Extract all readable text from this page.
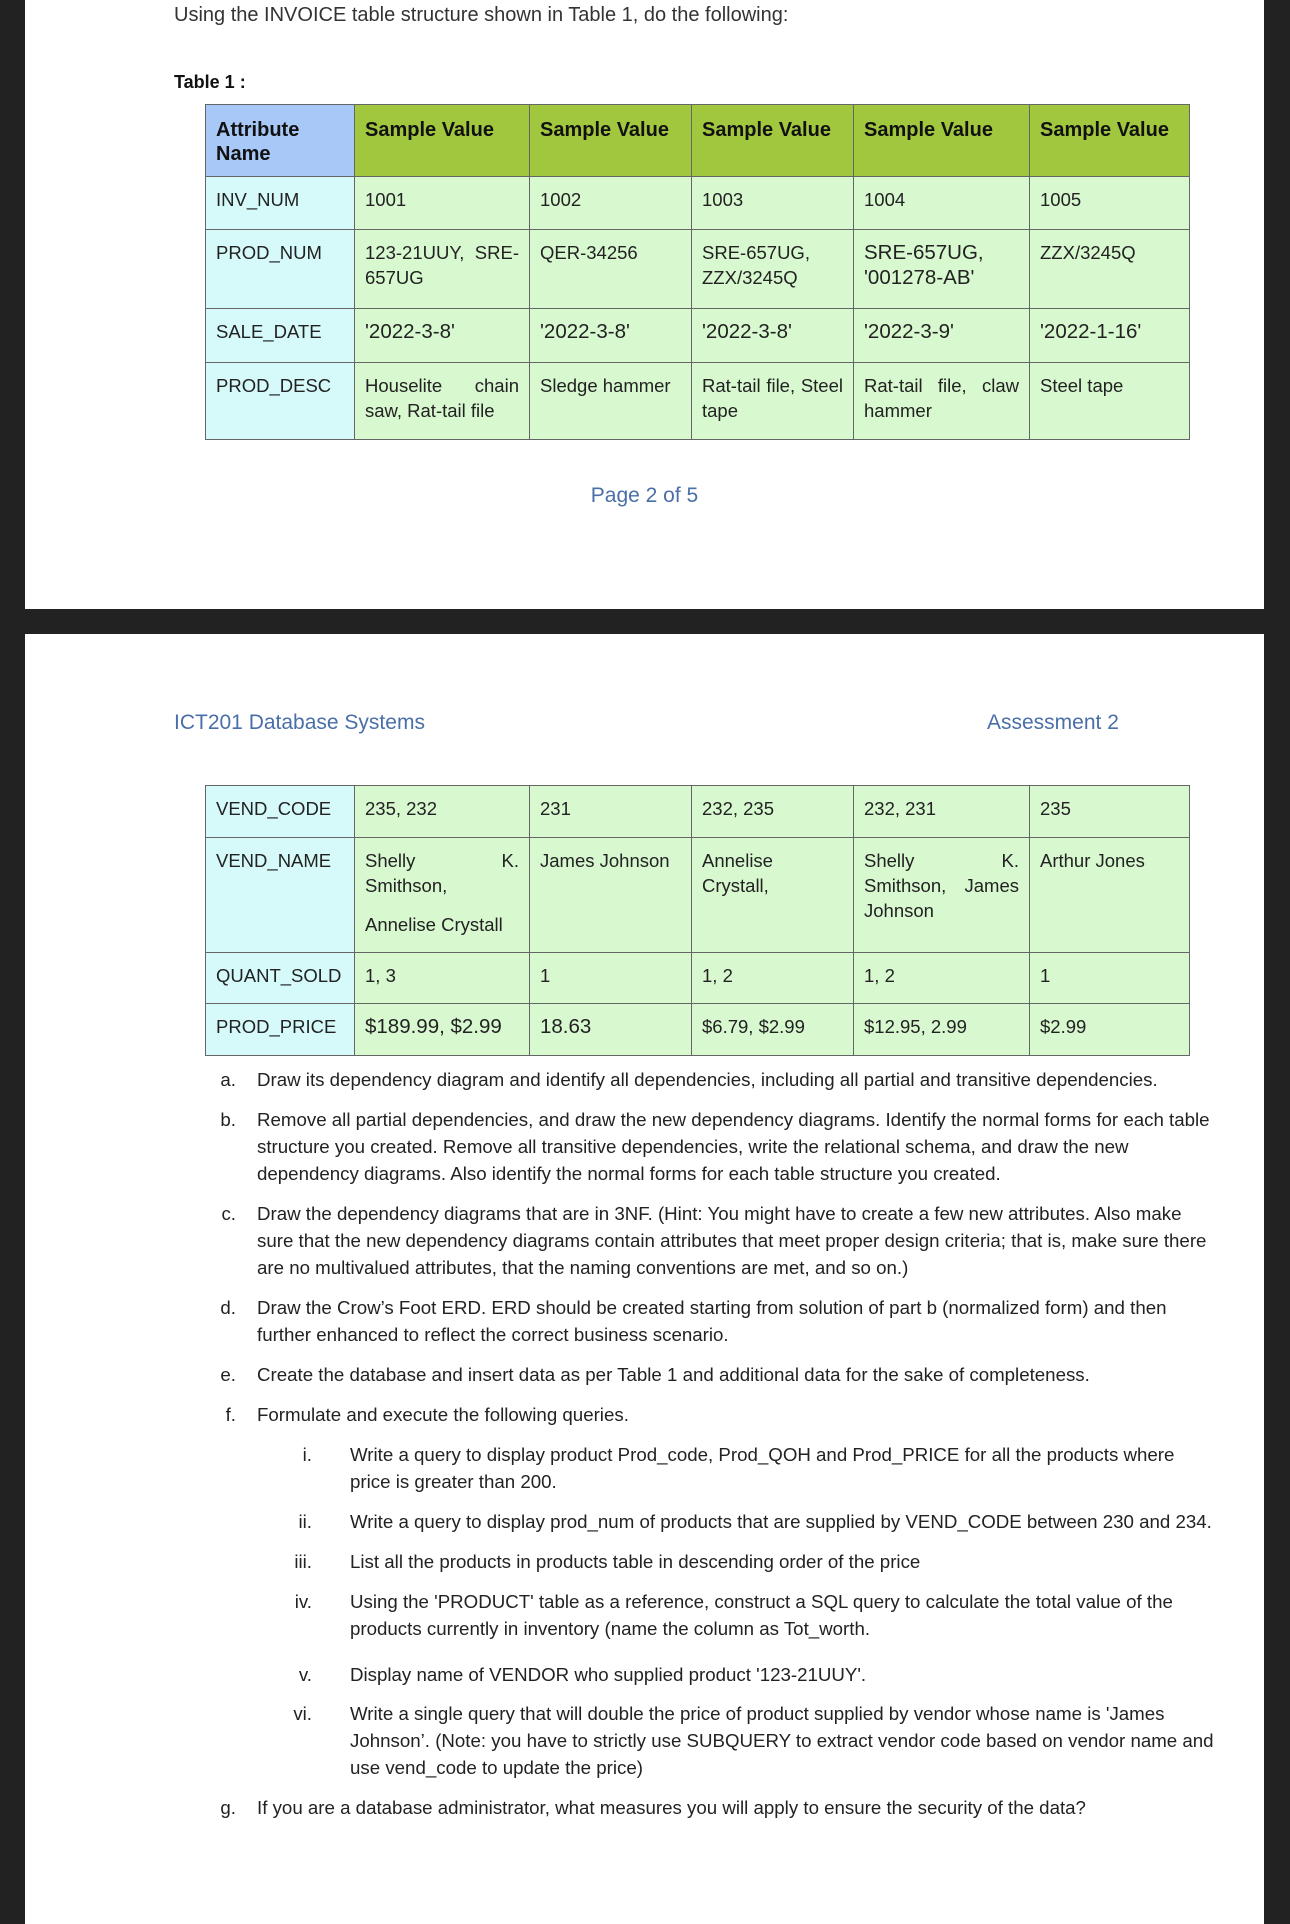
Using the INVOICE table structure shown in Table 1, do the following:
Table 1 :
Attribute Name	Sample Value	Sample Value	Sample Value	Sample Value	Sample Value
INV_NUM	1001	1002	1003	1004	1005
PROD_NUM	123-21UUY, SRE-657UG	QER-34256	SRE-657UG, ZZX/3245Q	SRE-657UG, '001278-AB'	ZZX/3245Q
SALE_DATE	'2022-3-8'	'2022-3-8'	'2022-3-8'	'2022-3-9'	'2022-1-16'
PROD_DESC	Houselite chain saw, Rat-tail file	Sledge hammer	Rat-tail file, Steel tape	Rat-tail file, claw hammer	Steel tape
Page 2 of 5
ICT201 Database Systems	Assessment 2
VEND_CODE	235, 232	231	232, 235	232, 231	235
VEND_NAME	Shelly K. Smithson,
Annelise Crystall	James Johnson	Annelise Crystall,	Shelly K. Smithson, James Johnson	Arthur Jones
QUANT_SOLD	1, 3	1	1, 2	1, 2	1
PROD_PRICE	$189.99, $2.99	18.63	$6.79, $2.99	$12.95, 2.99	$2.99
a. Draw its dependency diagram and identify all dependencies, including all partial and transitive dependencies.
b. Remove all partial dependencies, and draw the new dependency diagrams. Identify the normal forms for each table structure you created. Remove all transitive dependencies, write the relational schema, and draw the new dependency diagrams. Also identify the normal forms for each table structure you created.
c. Draw the dependency diagrams that are in 3NF. (Hint: You might have to create a few new attributes. Also make sure that the new dependency diagrams contain attributes that meet proper design criteria; that is, make sure there are no multivalued attributes, that the naming conventions are met, and so on.)
d. Draw the Crow’s Foot ERD. ERD should be created starting from solution of part b (normalized form) and then further enhanced to reflect the correct business scenario.
e. Create the database and insert data as per Table 1 and additional data for the sake of completeness.
f. Formulate and execute the following queries.
i. Write a query to display product Prod_code, Prod_QOH and Prod_PRICE for all the products where price is greater than 200.
ii. Write a query to display prod_num of products that are supplied by VEND_CODE between 230 and 234.
iii. List all the products in products table in descending order of the price
iv. Using the 'PRODUCT' table as a reference, construct a SQL query to calculate the total value of the products currently in inventory (name the column as Tot_worth.
v. Display name of VENDOR who supplied product '123-21UUY'.
vi. Write a single query that will double the price of product supplied by vendor whose name is 'James Johnson’. (Note: you have to strictly use SUBQUERY to extract vendor code based on vendor name and use vend_code to update the price)
g. If you are a database administrator, what measures you will apply to ensure the security of the data?
